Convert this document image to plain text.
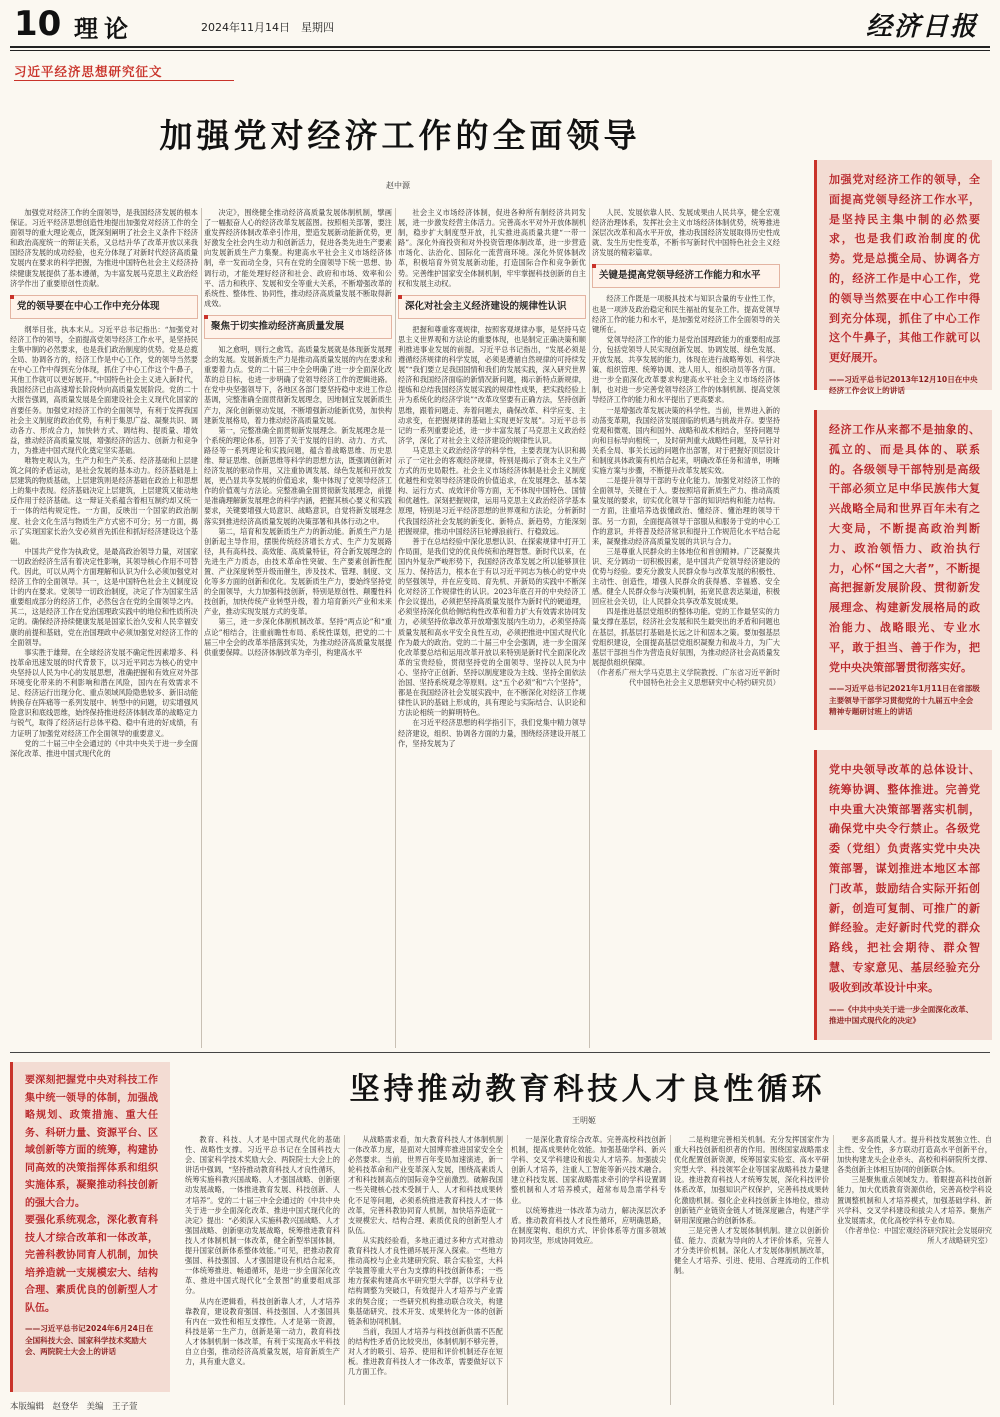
10 理论	2024年11月14日　星期四	经济日报
习近平经济思想研究征文
加强党对经济工作的全面领导
赵中源

加强党对经济工作的全面领导，是我国经济发展的根本保证。习近平经济思想创造性地提出加强党对经济工作的全面领导的重大理论观点，既深刻阐明了社会主义条件下经济和政治高度统一的辩证关系，又总结升华了改革开放以来我国经济发展的成功经验，也充分体现了对新时代经济高质量发展内在要求的科学把握，为推进中国特色社会主义经济持续健康发展提供了基本遵循，为丰富发展马克思主义政治经济学作出了重要原创性贡献。

党的领导要在中心工作中充分体现

纲举目张，执本末从。习近平总书记指出：“加强党对经济工作的领导，全面提高党领导经济工作水平，是坚持民主集中制的必然要求，也是我们政治制度的优势。党是总揽全局、协调各方的，经济工作是中心工作，党的领导当然要在中心工作中得到充分体现，抓住了中心工作这个牛鼻子，其他工作就可以更好展开。”中国特色社会主义进入新时代，我国经济已由高速增长阶段转向高质量发展阶段。党的二十大报告强调，高质量发展是全面建设社会主义现代化国家的首要任务。加强党对经济工作的全面领导，有利于发挥我国社会主义制度的政治优势，有利于集思广益、凝聚共识、调动各方、形成合力，加快转方式、调结构、提质量、增效益，推动经济高质量发展，增强经济的活力、创新力和竞争力，为推进中国式现代化奠定坚实基础。

唯物史观认为，生产力和生产关系、经济基础和上层建筑之间的矛盾运动，是社会发展的基本动力。经济基础是上层建筑的物质基础，上层建筑则是经济基础在政治上和思想上的集中表现。经济基础决定上层建筑，上层建筑又能动地反作用于经济基础。这一辩证关系蕴含着相互制约却又统一于一体的结构规定性。一方面，反映出一个国家的政治制度、社会文化生活与物质生产方式密不可分；另一方面，揭示了实现国家长治久安必须首先抓住和抓好经济建设这个基础。

中国共产党作为执政党，是最高政治领导力量，对国家一切政治经济生活有着决定性影响，其领导核心作用不可替代。因此，可以从两个方面理解和认识为什么必须加强党对经济工作的全面领导。其一，这是中国特色社会主义制度设计的内在要求。党领导一切政治制度，决定了作为国家生活重要组成部分的经济工作，必然包含在党的全面领导之内。其二，这是经济工作在党治国理政实践中的地位和性质所决定的。确保经济持续健康发展是国家长治久安和人民幸福安康的前提和基础，党在治国理政中必须加强党对经济工作的全面领导。

事实胜于雄辩。在全球经济发展不确定性因素增多、科技革命迅速发展的时代背景下，以习近平同志为核心的党中央坚持以人民为中心的发展思想，准确把握和有效应对外部环境变化带来的不利影响和潜在风险，国内在有效需求不足、经济运行出现分化、重点领域风险隐患较多、新旧动能转换存在阵痛等一系列发展中、转型中的问题，切实增强风险意识和底线思维，始终保持推进经济体制改革的战略定力与锐气，取得了经济运行总体平稳、稳中有进的好成绩，有力证明了加强党对经济工作全面领导的重要意义。

党的二十届三中全会通过的《中共中央关于进一步全面深化改革、推进中国式现代化的

决定》，围绕健全推动经济高质量发展体制机制，擘画了一幅振奋人心的经济改革发展蓝图。按照相关部署，要注重发挥经济体制改革牵引作用，塑造发展新动能新优势，更好激发全社会内生动力和创新活力，促进各类先进生产要素向发展新质生产力集聚。构建高水平社会主义市场经济体制，牵一发而动全身，只有在党的全面领导下统一思想、协调行动，才能处理好经济和社会、政府和市场、效率和公平、活力和秩序、发展和安全等重大关系，不断增强改革的系统性、整体性、协同性，推动经济高质量发展不断取得新成效。

聚焦于切实推动经济高质量发展

知之愈明，则行之愈笃。高质量发展就是体现新发展理念的发展。发展新质生产力是推动高质量发展的内在要求和重要着力点。党的二十届三中全会明确了进一步全面深化改革的总目标，也进一步明确了党领导经济工作的逻辑进路。在党中央坚强领导下，各地区各部门要坚持稳中求进工作总基调，完整准确全面贯彻新发展理念，因地制宜发展新质生产力，深化创新驱动发展，不断增强新动能新优势，加快构建新发展格局，着力推动经济高质量发展。

第一，完整准确全面贯彻新发展理念。新发展理念是一个系统的理论体系，回答了关于发展的目的、动力、方式、路径等一系列理论和实践问题，蕴含着战略思维、历史思维、辩证思维、创新思维等科学的思想方法，既强调创新对经济发展的驱动作用，又注重协调发展、绿色发展和开放发展，更凸显共享发展的价值追求，集中体现了党领导经济工作的价值观与方法论。完整准确全面贯彻新发展理念，前提是准确理解新发展理念的科学内涵，把握其核心要义和实践要求，关键要增强大局意识、战略意识，自觉将新发展理念落实到推进经济高质量发展的决策部署和具体行动之中。

第二，培育和发展新质生产力的新动能。新质生产力是创新起主导作用，摆脱传统经济增长方式、生产力发展路径，具有高科技、高效能、高质量特征，符合新发展理念的先进生产力质态，由技术革命性突破、生产要素创新性配置、产业深度转型升级而催生，涉及技术、管理、制度、文化等多方面的创新和优化。发展新质生产力，要始终坚持党的全面领导，大力加强科技创新，特别是原创性、颠覆性科技创新，加快传统产业转型升级，着力培育新兴产业和未来产业，推动实现发展方式的变革。

第三，进一步深化体制机制改革。坚持“两点论”和“重点论”相结合，注重前瞻性布局、系统性谋划，把党的二十届三中全会的改革举措落到实处，为推动经济高质量发展提供重要保障。以经济体制改革为牵引，构建高水平

社会主义市场经济体制，促进各种所有制经济共同发展，进一步激发经营主体活力。完善高水平对外开放体制机制，稳步扩大制度型开放，扎实推进高质量共建“一带一路”。深化外商投资和对外投资管理体制改革，进一步营造市场化、法治化、国际化一流营商环境。深化外贸体制改革，积极培育外贸发展新动能，打造国际合作和竞争新优势。完善维护国家安全体制机制，牢牢掌握科技创新的自主权和发展主动权。

深化对社会主义经济建设的规律性认识

把握和尊重客观规律，按照客观规律办事，是坚持马克思主义世界观和方法论的重要体现，也是制定正确决策和顺利推进事业发展的前提。习近平总书记指出，“发展必须是遵循经济规律的科学发展，必须是遵循自然规律的可持续发展”“我们要立足我国国情和我们的发展实践，深入研究世界经济和我国经济面临的新情况新问题，揭示新特点新规律，提炼和总结我国经济发展实践的规律性成果，把实践经验上升为系统化的经济学说”“改革攻坚要有正确方法，坚持创新思维，跟着问题走、奔着问题去，确保改革、科学应变、主动求变，在把握规律的基础上实现更好发展”。习近平总书记的一系列重要论述，进一步丰富发展了马克思主义政治经济学，深化了对社会主义经济建设的规律性认识。

马克思主义政治经济学的科学性，主要表现为认识和揭示了一定社会的客观经济规律，特别是揭示了资本主义生产方式的历史局限性。社会主义市场经济体制是社会主义制度优越性和党领导经济建设的价值追求，在发展理念、基本架构、运行方式、成效评价等方面，无不体现中国特色、国情和优越性。深刻把握规律，运用马克思主义政治经济学基本原理，特别是习近平经济思想的世界观和方法论，分析新时代我国经济社会发展的新变化、新特点、新趋势，方能深刻把握规律，推动中国经济巨轮搏浪前行、行稳致远。

善于在总结经验中深化思想认识、在探索规律中打开工作局面，是我们党的优良传统和治理智慧。新时代以来，在国内外复杂严峻形势下，我国经济改革发展之所以能够顶住压力、保持活力，根本在于有以习近平同志为核心的党中央的坚强领导，并在应变局、育先机、开新局的实践中不断深化对经济工作规律性的认识。2023年底召开的中央经济工作会议提出，必须把坚持高质量发展作为新时代的硬道理，必须坚持深化供给侧结构性改革和着力扩大有效需求协同发力，必须坚持依靠改革开放增强发展内生动力，必须坚持高质量发展和高水平安全良性互动，必须把推进中国式现代化作为最大的政治。党的二十届三中全会强调，进一步全面深化改革要总结和运用改革开放以来特别是新时代全面深化改革的宝贵经验，贯彻坚持党的全面领导、坚持以人民为中心、坚持守正创新、坚持以制度建设为主线、坚持全面依法治国、坚持系统观念等原则。这“五个必须”和“六个坚持”，都是在我国经济社会发展实践中，在不断深化对经济工作规律性认识的基础上形成的，具有理论与实际结合、认识论和方法论相统一的鲜明特色。

在习近平经济思想的科学指引下，我们党集中精力领导经济建设，组织、协调各方面的力量，围绕经济建设开展工作，坚持发展为了

人民、发展依靠人民、发展成果由人民共享，健全宏观经济治理体系，发挥社会主义市场经济体制优势，统筹推进深层次改革和高水平开放，推动我国经济发展取得历史性成就、发生历史性变革，不断书写新时代中国特色社会主义经济发展的精彩篇章。

关键是提高党领导经济工作能力和水平

经济工作既是一项极具技术与知识含量的专业性工作，也是一项涉及政治稳定和民生福祉的复杂工作。提高党领导经济工作的能力和水平，是加强党对经济工作全面领导的关键所在。

党领导经济工作的能力是党治国理政能力的重要组成部分，包括党领导人民实现创新发展、协调发展、绿色发展、开放发展、共享发展的能力，体现在进行战略筹划、科学决策、组织管理、统筹协调、选人用人、组织动员等各方面。进一步全面深化改革要求构建高水平社会主义市场经济体制，也对进一步完善党领导经济工作的体制机制、提高党领导经济工作的能力和水平提出了更高要求。

一是增强改革发展决策的科学性。当前，世界进入新的动荡变革期，我国经济发展面临的机遇与挑战并存。要坚持党观和微观、国内和国外、战略和战术相结合，坚持问题导向和目标导向相统一，及时研判重大战略性问题，及早针对关系全局、事关长远的问题作出部署，对于把握好顶层设计和制度具体政策有机结合起来，明确改革任务和清单，明晰实施方案与步骤，不断提升改革发展实效。

二是提升领导干部的专业化能力。加强党对经济工作的全面领导，关键在于人。要按照培育新质生产力、推动高质量发展的要求，切实优化领导干部的知识结构和能力结构。一方面，注重培养选拔懂政治、懂经济、懂治理的领导干部。另一方面，全面提高领导干部服从和服务于党的中心工作的意识，并将普及经济常识和提升工作规范化水平结合起来，凝聚推动经济高质量发展的共识与合力。

三是尊重人民群众的主体地位和首创精神。广泛凝聚共识、充分调动一切积极因素，是中国共产党领导经济建设的优势与经验。要充分激发人民群众参与改革发展的积极性、主动性、创造性，增强人民群众的获得感、幸福感、安全感。健全人民群众参与决策机制，拓宽民意表达渠道，积极回应社会关切，让人民群众共享改革发展成果。

四是推进基层党组织的整体功能。党的工作最坚实的力量支撑在基层，经济社会发展和民生最突出的矛盾和问题也在基层，抓基层打基础是长远之计和固本之策。要加强基层党组织建设，全面提高基层党组织凝聚力和战斗力，为广大基层干部担当作为营造良好氛围，为推动经济社会高质量发展提供组织保障。

（作者系广州大学马克思主义学院教授、广东省习近平新时代中国特色社会主义思想研究中心特约研究员）
加强党对经济工作的领导，全面提高党领导经济工作水平，是坚持民主集中制的必然要求，也是我们政治制度的优势。党是总揽全局、协调各方的，经济工作是中心工作，党的领导当然要在中心工作中得到充分体现，抓住了中心工作这个牛鼻子，其他工作就可以更好展开。
——习近平总书记2013年12月10日在中央经济工作会议上的讲话
经济工作从来都不是抽象的、孤立的、而是具体的、联系的。各级领导干部特别是高级干部必须立足中华民族伟大复兴战略全局和世界百年未有之大变局，不断提高政治判断力、政治领悟力、政治执行力，心怀“国之大者”，不断提高把握新发展阶段、贯彻新发展理念、构建新发展格局的政治能力、战略眼光、专业水平，敢于担当、善于作为，把党中央决策部署贯彻落实好。
——习近平总书记2021年1月11日在省部级主要领导干部学习贯彻党的十九届五中全会精神专题研讨班上的讲话
党中央领导改革的总体设计、统筹协调、整体推进。完善党中央重大决策部署落实机制，确保党中央令行禁止。各级党委（党组）负责落实党中央决策部署，谋划推进本地区本部门改革，鼓励结合实际开拓创新，创造可复制、可推广的新鲜经验。走好新时代党的群众路线，把社会期待、群众智慧、专家意见、基层经验充分吸收到改革设计中来。
——《中共中央关于进一步全面深化改革、推进中国式现代化的决定》
要深刻把握党中央对科技工作集中统一领导的体制，加强战略规划、政策措施、重大任务、科研力量、资源平台、区域创新等方面的统筹，构建协同高效的决策指挥体系和组织实施体系，凝聚推动科技创新的强大合力。
要强化系统观念，深化教育科技人才综合改革和一体改革，完善科教协同育人机制，加快培养造就一支规模宏大、结构合理、素质优良的创新型人才队伍。
——习近平总书记2024年6月24日在全国科技大会、国家科学技术奖励大会、两院院士大会上的讲话
坚持推动教育科技人才良性循环
王明姬

教育、科技、人才是中国式现代化的基础性、战略性支撑。习近平总书记在全国科技大会、国家科学技术奖励大会、两院院士大会上的讲话中强调，“坚持推动教育科技人才良性循环，统筹实施科教兴国战略、人才强国战略、创新驱动发展战略，一体推进教育发展、科技创新、人才培养”。党的二十届三中全会通过的《中共中央关于进一步全面深化改革、推进中国式现代化的决定》提出：“必须深入实施科教兴国战略、人才强国战略、创新驱动发展战略，统筹推进教育科技人才体制机制一体改革，健全新型举国体制，提升国家创新体系整体效能。”可见，把推动教育强国、科技强国、人才强国建设有机结合起来，一体统筹推进、畅通循环，是进一步全面深化改革、推进中国式现代化“全景图”的重要组成部分。

从内在逻辑看，科技创新靠人才，人才培养靠教育，建设教育强国、科技强国、人才强国具有内在一致性和相互支撑性。人才是第一资源，科技是第一生产力，创新是第一动力，教育科技人才体制机制一体改革，有利于实现高水平科技自立自强，推动经济高质量发展，培育新质生产力，具有重大意义。

从战略需求看，加大教育科技人才体制机制一体改革力度，是面对大国博弈推进国家安全全必然要求。当前，世界百年变局加速演进，新一轮科技革命和产业变革深入发展，围绕高素质人才和科技制高点的国际竞争空前激烈。破解我国一些关键核心技术受制于人、人才和科技成果转化不足等问题，必须系统推进教育科技人才一体改革，完善科教协同育人机制，加快培养造就一支规模宏大、结构合理、素质优良的创新型人才队伍。

从实践经验看，多地正通过多种方式对推动教育科技人才良性循环展开深入探索。一些地方推动高校与企业共建研究院、联合实验室，大科学装置等重大平台为支撑的科技创新体系；一些地方探索构建高水平研究型大学群，以学科专业结构调整为突破口，有效提升人才培养与产业需求的契合度；一些研究机构推动联合攻关，构建集基础研究、技术开发、成果转化为一体的创新链条和协同机制。

当前，我国人才培养与科技创新供需不匹配的结构性矛盾仍比较突出，体制机制不够完善，对人才的吸引、培养、使用和评价机制还存在短板。推进教育科技人才一体改革，需要做好以下几方面工作。

一是深化教育综合改革。完善高校科技创新机制，提高成果转化效能。加强基础学科、新兴学科、交叉学科建设和拔尖人才培养。加强拔尖创新人才培养，注重人工智能等新兴技术融合。建立科技发展、国家战略需求牵引的学科设置调整机制和人才培养模式，超常布局急需学科专业。

以统筹推进一体改革为动力，解决深层次矛盾。推动教育科技人才良性循环，应明确思路，在制度架构、组织方式、评价体系等方面多领域协同攻坚，形成协同效应。

二是构建完善相关机制。充分发挥国家作为重大科技创新组织者的作用。围绕国家战略需求优化配置创新资源，统筹国家实验室、高水平研究型大学、科技领军企业等国家战略科技力量建设。推进教育科技人才统筹发展，深化科技评价体系改革，加强知识产权保护，完善科技成果转化激励机制。强化企业科技创新主体地位，推动创新链产业链资金链人才链深度融合，构建产学研用深度融合的创新体系。

三是完善人才发展体制机制。建立以创新价值、能力、贡献为导向的人才评价体系，完善人才分类评价机制。深化人才发展体制机制改革，健全人才培养、引进、使用、合理流动的工作机制。

更多高质量人才。提升科技发展独立性、自主性、安全性，多方联动打造高水平创新平台，加快构建龙头企业牵头、高校和科研院所支撑、各类创新主体相互协同的创新联合体。

三是聚焦重点领域发力。着眼提高科技创新能力，加大优质教育资源供给，完善高校学科设置调整机制和人才培养模式，加强基础学科、新兴学科、交叉学科建设和拔尖人才培养。聚焦产业发展需求，优化高校学科专业布局。

（作者单位：中国宏观经济研究院社会发展研究所人才战略研究室）
本版编辑　赵登华　美编　王子萱
